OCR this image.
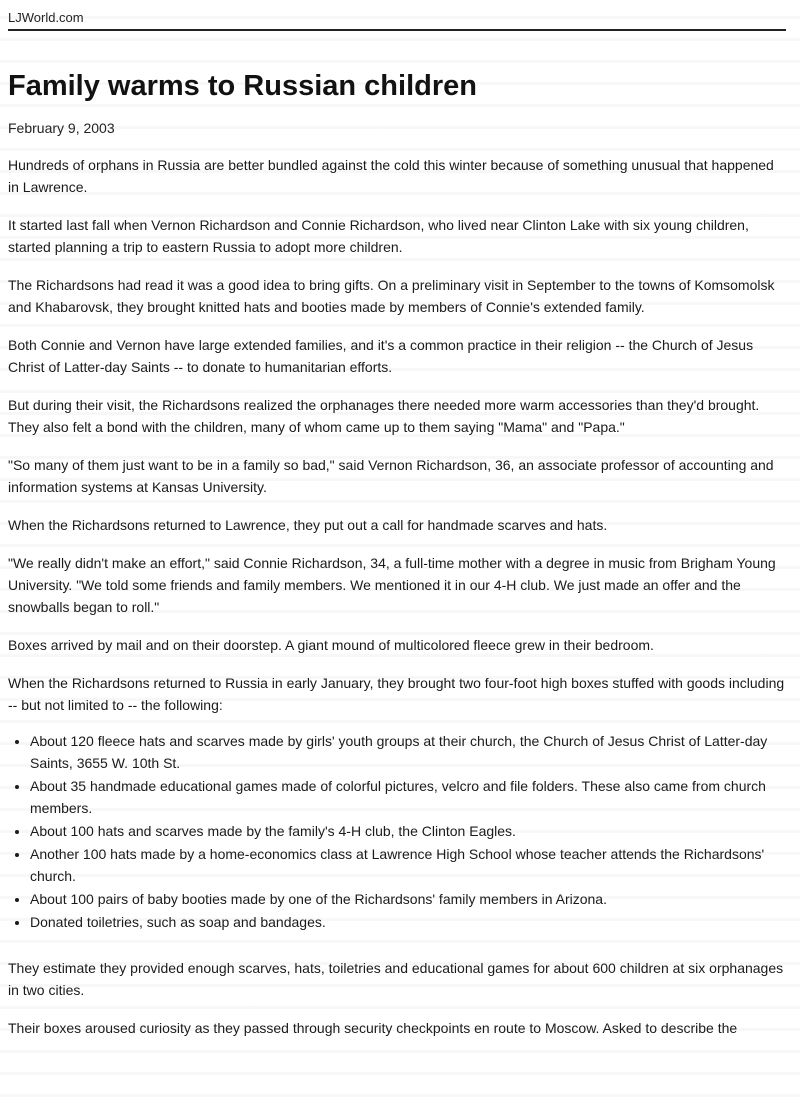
LJWorld.com
Family warms to Russian children
February 9, 2003

Hundreds of orphans in Russia are better bundled against the cold this winter because of something unusual that happened in Lawrence.

It started last fall when Vernon Richardson and Connie Richardson, who lived near Clinton Lake with six young children, started planning a trip to eastern Russia to adopt more children.

The Richardsons had read it was a good idea to bring gifts. On a preliminary visit in September to the towns of Komsomolsk and Khabarovsk, they brought knitted hats and booties made by members of Connie's extended family.

Both Connie and Vernon have large extended families, and it's a common practice in their religion -- the Church of Jesus Christ of Latter-day Saints -- to donate to humanitarian efforts.

But during their visit, the Richardsons realized the orphanages there needed more warm accessories than they'd brought. They also felt a bond with the children, many of whom came up to them saying "Mama" and "Papa."

"So many of them just want to be in a family so bad," said Vernon Richardson, 36, an associate professor of accounting and information systems at Kansas University.

When the Richardsons returned to Lawrence, they put out a call for handmade scarves and hats.

"We really didn't make an effort," said Connie Richardson, 34, a full-time mother with a degree in music from Brigham Young University. "We told some friends and family members. We mentioned it in our 4-H club. We just made an offer and the snowballs began to roll."

Boxes arrived by mail and on their doorstep. A giant mound of multicolored fleece grew in their bedroom.

When the Richardsons returned to Russia in early January, they brought two four-foot high boxes stuffed with goods including -- but not limited to -- the following:

• About 120 fleece hats and scarves made by girls' youth groups at their church, the Church of Jesus Christ of Latter-day Saints, 3655 W. 10th St.
• About 35 handmade educational games made of colorful pictures, velcro and file folders. These also came from church members.
• About 100 hats and scarves made by the family's 4-H club, the Clinton Eagles.
• Another 100 hats made by a home-economics class at Lawrence High School whose teacher attends the Richardsons' church.
• About 100 pairs of baby booties made by one of the Richardsons' family members in Arizona.
• Donated toiletries, such as soap and bandages.

They estimate they provided enough scarves, hats, toiletries and educational games for about 600 children at six orphanages in two cities.

Their boxes aroused curiosity as they passed through security checkpoints en route to Moscow. Asked to describe the
